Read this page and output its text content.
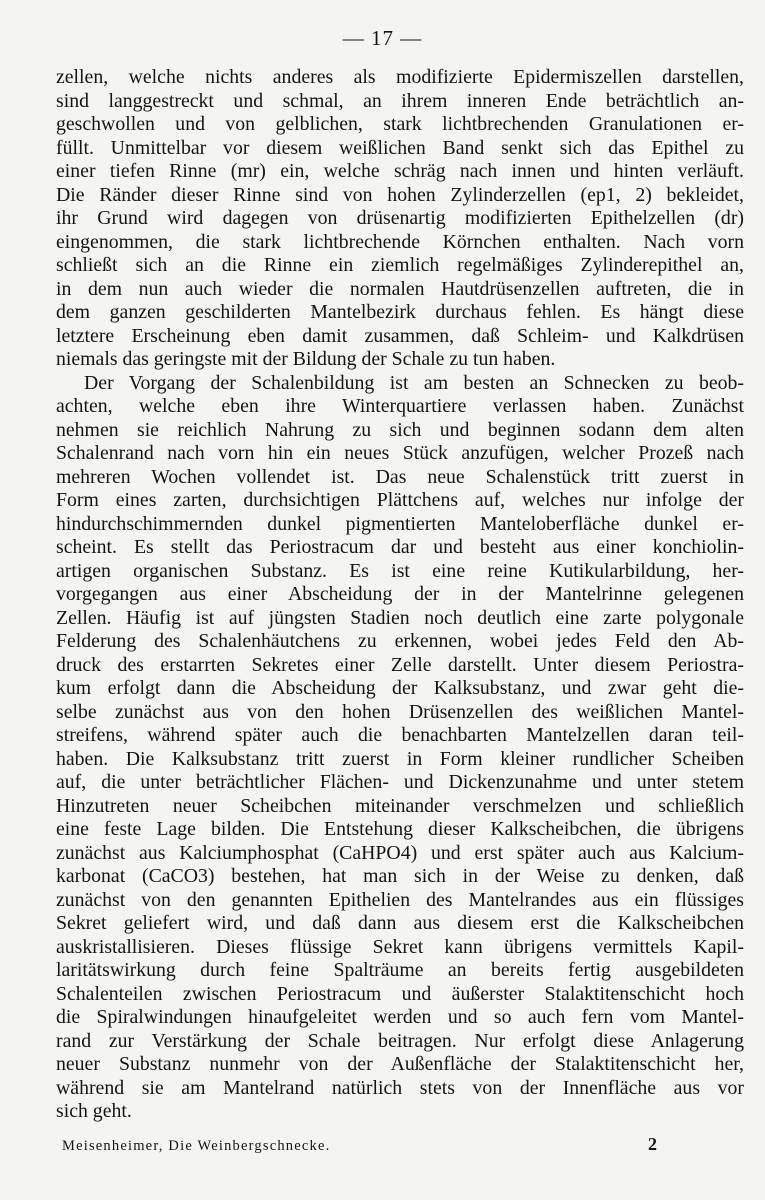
— 17 —
zellen, welche nichts anderes als modifizierte Epidermiszellen darstellen,
sind langgestreckt und schmal, an ihrem inneren Ende beträchtlich an-
geschwollen und von gelblichen, stark lichtbrechenden Granulationen er-
füllt. Unmittelbar vor diesem weißlichen Band senkt sich das Epithel zu
einer tiefen Rinne (mr) ein, welche schräg nach innen und hinten verläuft.
Die Ränder dieser Rinne sind von hohen Zylinderzellen (ep1, 2) bekleidet,
ihr Grund wird dagegen von drüsenartig modifizierten Epithelzellen (dr)
eingenommen, die stark lichtbrechende Körnchen enthalten. Nach vorn
schließt sich an die Rinne ein ziemlich regelmäßiges Zylinderepithel an,
in dem nun auch wieder die normalen Hautdrüsenzellen auftreten, die in
dem ganzen geschilderten Mantelbezirk durchaus fehlen. Es hängt diese
letztere Erscheinung eben damit zusammen, daß Schleim- und Kalkdrüsen
niemals das geringste mit der Bildung der Schale zu tun haben.
Der Vorgang der Schalenbildung ist am besten an Schnecken zu beob-
achten, welche eben ihre Winterquartiere verlassen haben. Zunächst
nehmen sie reichlich Nahrung zu sich und beginnen sodann dem alten
Schalenrand nach vorn hin ein neues Stück anzufügen, welcher Prozeß nach
mehreren Wochen vollendet ist. Das neue Schalenstück tritt zuerst in
Form eines zarten, durchsichtigen Plättchens auf, welches nur infolge der
hindurchschimmernden dunkel pigmentierten Manteloberfläche dunkel er-
scheint. Es stellt das Periostracum dar und besteht aus einer konchiolin-
artigen organischen Substanz. Es ist eine reine Kutikularbildung, her-
vorgegangen aus einer Abscheidung der in der Mantelrinne gelegenen
Zellen. Häufig ist auf jüngsten Stadien noch deutlich eine zarte polygonale
Felderung des Schalenhäutchens zu erkennen, wobei jedes Feld den Ab-
druck des erstarrten Sekretes einer Zelle darstellt. Unter diesem Periostra-
kum erfolgt dann die Abscheidung der Kalksubstanz, und zwar geht die-
selbe zunächst aus von den hohen Drüsenzellen des weißlichen Mantel-
streifens, während später auch die benachbarten Mantelzellen daran teil-
haben. Die Kalksubstanz tritt zuerst in Form kleiner rundlicher Scheiben
auf, die unter beträchtlicher Flächen- und Dickenzunahme und unter stetem
Hinzutreten neuer Scheibchen miteinander verschmelzen und schließlich
eine feste Lage bilden. Die Entstehung dieser Kalkscheibchen, die übrigens
zunächst aus Kalciumphosphat (CaHPO4) und erst später auch aus Kalcium-
karbonat (CaCO3) bestehen, hat man sich in der Weise zu denken, daß
zunächst von den genannten Epithelien des Mantelrandes aus ein flüssiges
Sekret geliefert wird, und daß dann aus diesem erst die Kalkscheibchen
auskristallisieren. Dieses flüssige Sekret kann übrigens vermittels Kapil-
laritätswirkung durch feine Spalträume an bereits fertig ausgebildeten
Schalenteilen zwischen Periostracum und äußerster Stalaktitenschicht hoch
die Spiralwindungen hinaufgeleitet werden und so auch fern vom Mantel-
rand zur Verstärkung der Schale beitragen. Nur erfolgt diese Anlagerung
neuer Substanz nunmehr von der Außenfläche der Stalaktitenschicht her,
während sie am Mantelrand natürlich stets von der Innenfläche aus vor
sich geht.
Meisenheimer, Die Weinbergschnecke.	2
